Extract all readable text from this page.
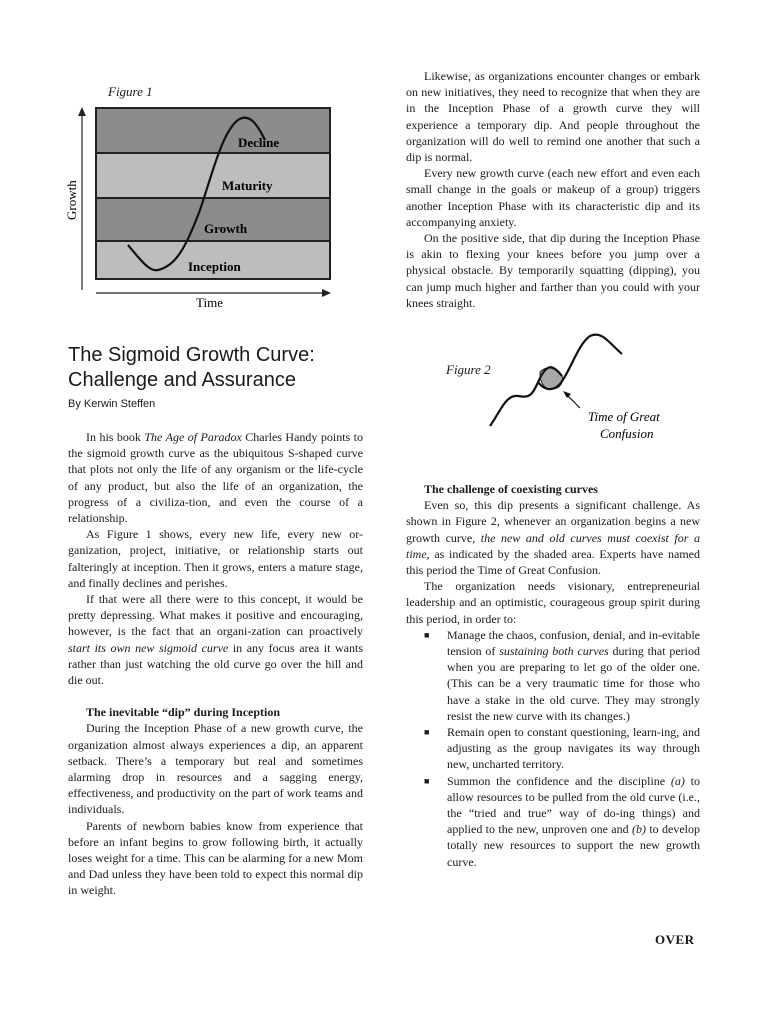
Figure 1
Decline
Maturity
Growth
Inception
Growth
Time
The Sigmoid Growth Curve:
Challenge and Assurance
By Kerwin Steffen

In his book The Age of Paradox Charles Handy points to the sigmoid growth curve as the ubiquitous S-shaped curve that plots not only the life of any organism or the life-cycle of any product, but also the life of an organization, the progress of a civiliza-tion, and even the course of a relationship.

As Figure 1 shows, every new life, every new or-ganization, project, initiative, or relationship starts out falteringly at inception. Then it grows, enters a mature stage, and finally declines and perishes.

If that were all there were to this concept, it would be pretty depressing. What makes it positive and encouraging, however, is the fact that an organi-zation can proactively start its own new sigmoid curve in any focus area it wants rather than just watching the old curve go over the hill and die out.

The inevitable “dip” during Inception

During the Inception Phase of a new growth curve, the organization almost always experiences a dip, an apparent setback. There’s a temporary but real and sometimes alarming drop in resources and a sagging energy, effectiveness, and productivity on the part of work teams and individuals.

Parents of newborn babies know from experience that before an infant begins to grow following birth, it actually loses weight for a time. This can be alarming for a new Mom and Dad unless they have been told to expect this normal dip in weight.

Likewise, as organizations encounter changes or embark on new initiatives, they need to recognize that when they are in the Inception Phase of a growth curve they will experience a temporary dip. And people throughout the organization will do well to remind one another that such a dip is normal.

Every new growth curve (each new effort and even each small change in the goals or makeup of a group) triggers another Inception Phase with its characteristic dip and its accompanying anxiety.

On the positive side, that dip during the Inception Phase is akin to flexing your knees before you jump over a physical obstacle. By temporarily squatting (dipping), you can jump much higher and farther than you could with your knees straight.

Figure 2
Time of Great
Confusion
The challenge of coexisting curves

Even so, this dip presents a significant challenge. As shown in Figure 2, whenever an organization begins a new growth curve, the new and old curves must coexist for a time, as indicated by the shaded area. Experts have named this period the Time of Great Confusion.

The organization needs visionary, entrepreneurial leadership and an optimistic, courageous group spirit during this period, in order to:

■ Manage the chaos, confusion, denial, and in-evitable tension of sustaining both curves during that period when you are preparing to let go of the older one. (This can be a very traumatic time for those who have a stake in the old curve. They may strongly resist the new curve with its changes.)
■ Remain open to constant questioning, learn-ing, and adjusting as the group navigates its way through new, uncharted territory.
■ Summon the confidence and the discipline (a) to allow resources to be pulled from the old curve (i.e., the “tried and true” way of do-ing things) and applied to the new, unproven one and (b) to develop totally new resources to support the new growth curve.
OVER
